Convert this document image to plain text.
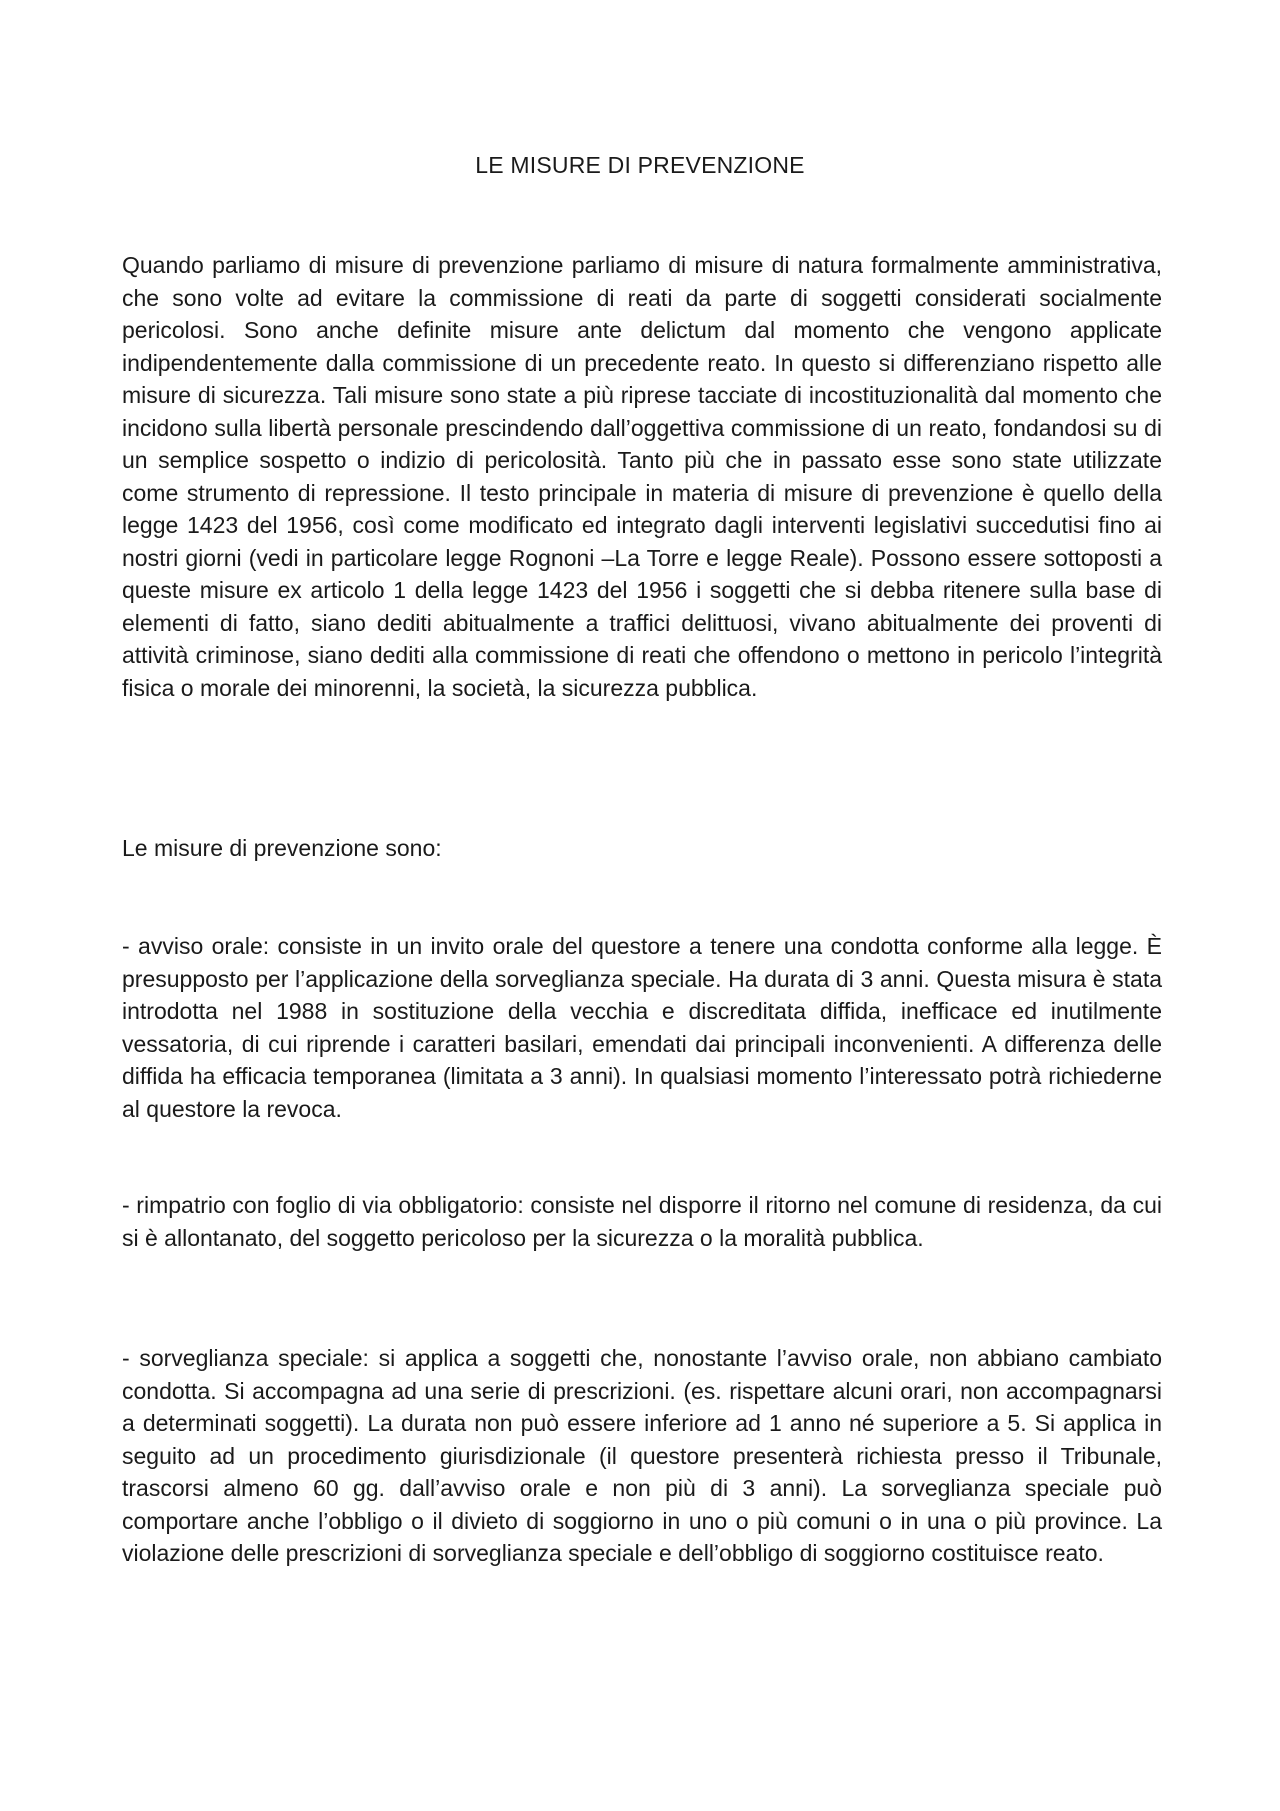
LE MISURE DI PREVENZIONE

Quando parliamo di misure di prevenzione parliamo di misure di natura formalmente amministrativa, che sono volte ad evitare la commissione di reati da parte di soggetti considerati socialmente pericolosi. Sono anche definite misure ante delictum dal momento che vengono applicate indipendentemente dalla commissione di un precedente reato. In questo si differenziano rispetto alle misure di sicurezza. Tali misure sono state a più riprese tacciate di incostituzionalità dal momento che incidono sulla libertà personale prescindendo dall’oggettiva commissione di un reato, fondandosi su di un semplice sospetto o indizio di pericolosità. Tanto più che in passato esse sono state utilizzate come strumento di repressione. Il testo principale in materia di misure di prevenzione è quello della legge 1423 del 1956, così come modificato ed integrato dagli interventi legislativi succedutisi fino ai nostri giorni (vedi in particolare legge Rognoni –La Torre e legge Reale). Possono essere sottoposti a queste misure ex articolo 1 della legge 1423 del 1956 i soggetti che si debba ritenere sulla base di elementi di fatto, siano dediti abitualmente a traffici delittuosi, vivano abitualmente dei proventi di attività criminose, siano dediti alla commissione di reati che offendono o mettono in pericolo l’integrità fisica o morale dei minorenni, la società, la sicurezza pubblica.

Le misure di prevenzione sono:

- avviso orale: consiste in un invito orale del questore a tenere una condotta conforme alla legge. È presupposto per l’applicazione della sorveglianza speciale. Ha durata di 3 anni. Questa misura è stata introdotta nel 1988 in sostituzione della vecchia e discreditata diffida, inefficace ed inutilmente vessatoria, di cui riprende i caratteri basilari, emendati dai principali inconvenienti. A differenza delle diffida ha efficacia temporanea (limitata a 3 anni). In qualsiasi momento l’interessato potrà richiederne al questore la revoca.

- rimpatrio con foglio di via obbligatorio: consiste nel disporre il ritorno nel comune di residenza, da cui si è allontanato, del soggetto pericoloso per la sicurezza o la moralità pubblica.

- sorveglianza speciale: si applica a soggetti che, nonostante l’avviso orale, non abbiano cambiato condotta. Si accompagna ad una serie di prescrizioni. (es. rispettare alcuni orari, non accompagnarsi a determinati soggetti). La durata non può essere inferiore ad 1 anno né superiore a 5. Si applica in seguito ad un procedimento giurisdizionale (il questore presenterà richiesta presso il Tribunale, trascorsi almeno 60 gg. dall’avviso orale e non più di 3 anni). La sorveglianza speciale può comportare anche l’obbligo o il divieto di soggiorno in uno o più comuni o in una o più province. La violazione delle prescrizioni di sorveglianza speciale e dell’obbligo di soggiorno costituisce reato.
